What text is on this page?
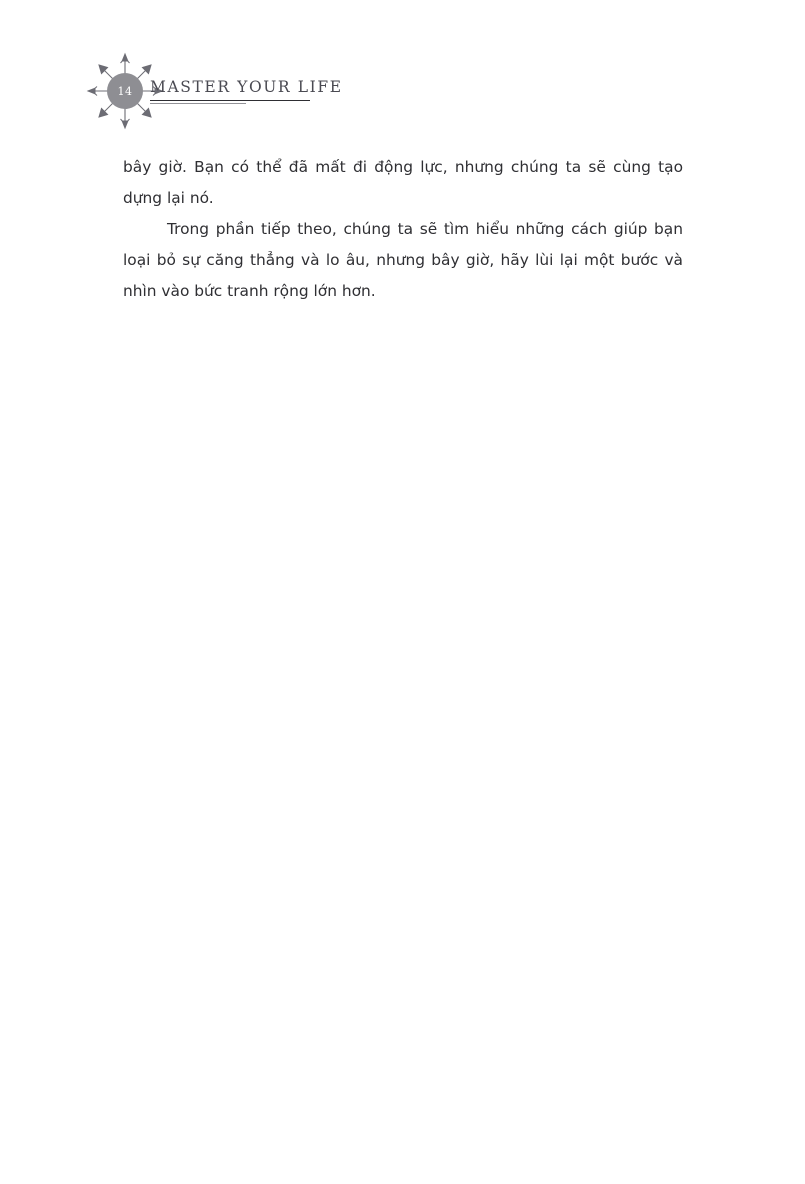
14	MASTER YOUR LIFE

bây giờ. Bạn có thể đã mất đi động lực, nhưng chúng ta sẽ cùng tạo dựng lại nó.

Trong phần tiếp theo, chúng ta sẽ tìm hiểu những cách giúp bạn loại bỏ sự căng thẳng và lo âu, nhưng bây giờ, hãy lùi lại một bước và nhìn vào bức tranh rộng lớn hơn.
